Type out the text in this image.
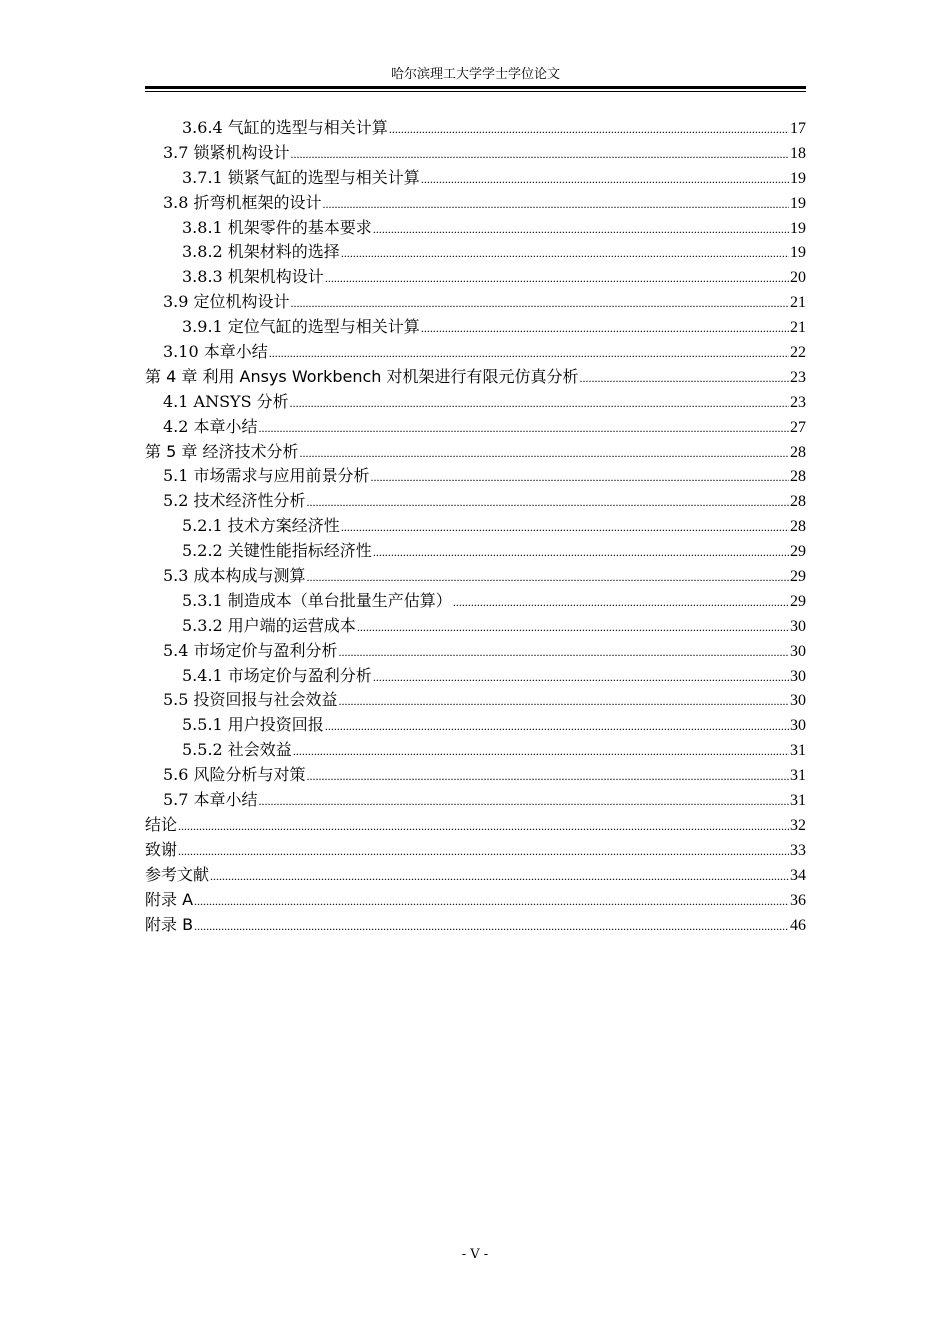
哈尔滨理工大学学士学位论文
3.6.4 气缸的选型与相关计算 .....	17
3.7 锁紧机构设计 .....	18
3.7.1 锁紧气缸的选型与相关计算 .....	19
3.8 折弯机框架的设计 .....	19
3.8.1 机架零件的基本要求 .....	19
3.8.2 机架材料的选择 .....	19
3.8.3 机架机构设计 .....	20
3.9 定位机构设计 .....	21
3.9.1 定位气缸的选型与相关计算 .....	21
3.10 本章小结 .....	22
第 4 章 利用 Ansys Workbench 对机架进行有限元仿真分析 .....	23
4.1 ANSYS 分析 .....	23
4.2 本章小结 .....	27
第 5 章 经济技术分析 .....	28
5.1 市场需求与应用前景分析 .....	28
5.2 技术经济性分析 .....	28
5.2.1 技术方案经济性 .....	28
5.2.2 关键性能指标经济性 .....	29
5.3 成本构成与测算 .....	29
5.3.1 制造成本（单台批量生产估算） .....	29
5.3.2 用户端的运营成本 .....	30
5.4 市场定价与盈利分析 .....	30
5.4.1 市场定价与盈利分析 .....	30
5.5 投资回报与社会效益 .....	30
5.5.1 用户投资回报 .....	30
5.5.2 社会效益 .....	31
5.6 风险分析与对策 .....	31
5.7 本章小结 .....	31
结论 .....	32
致谢 .....	33
参考文献 .....	34
附录 A .....	36
附录 B .....	46
- V -
